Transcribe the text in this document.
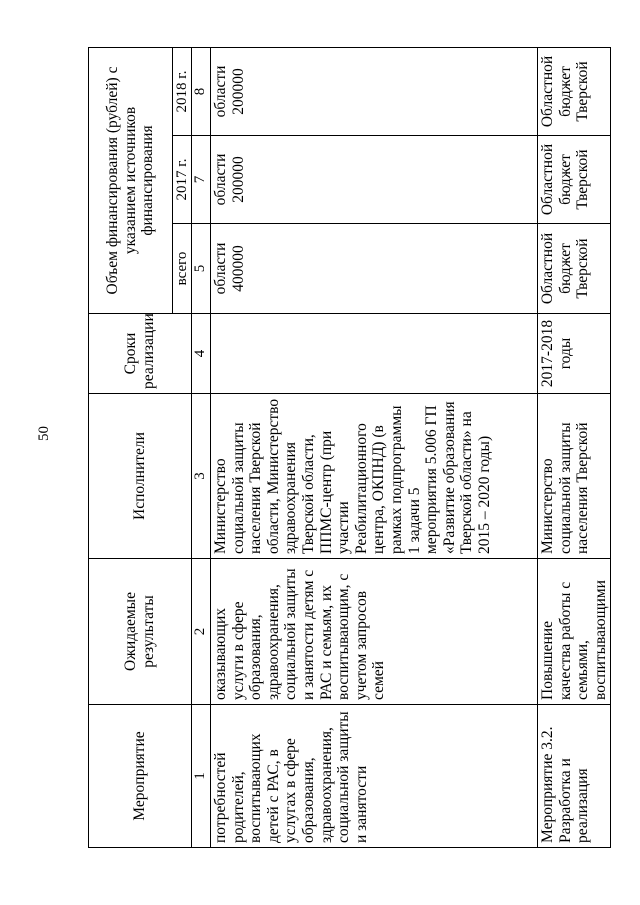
50
Мероприятие	Ожидаемые результаты	Исполнители	Сроки реализации	Объем финансирования (рублей) с указанием источников финансирования		
				всего	2017 г.	2018 г.
1	2	3	4	5	7	8
потребностей родителей, воспитывающих детей с РАС, в услугах в сфере образования, здравоохранения, социальной защиты и занятости	оказывающих услуги в сфере образования, здравоохранения, социальной защиты и занятости детям с РАС и семьям, их воспитывающим, с учетом запросов семей	Министерство социальной защиты населения Тверской области, Министерство здравоохранения Тверской области, ППМС-центр (при участии Реабилитационного центра, ОКПНД) (в рамках подпрограммы 1 задачи 5 мероприятия 5.006 ГП «Развитие образования Тверской области» на 2015 – 2020 годы)		области 400000	области 200000	области 200000
Мероприятие 3.2. Разработка и реализация	Повышение качества работы с семьями, воспитывающими	Министерство социальной защиты населения Тверской	2017-2018 годы	Областной бюджет Тверской	Областной бюджет Тверской	Областной бюджет Тверской
